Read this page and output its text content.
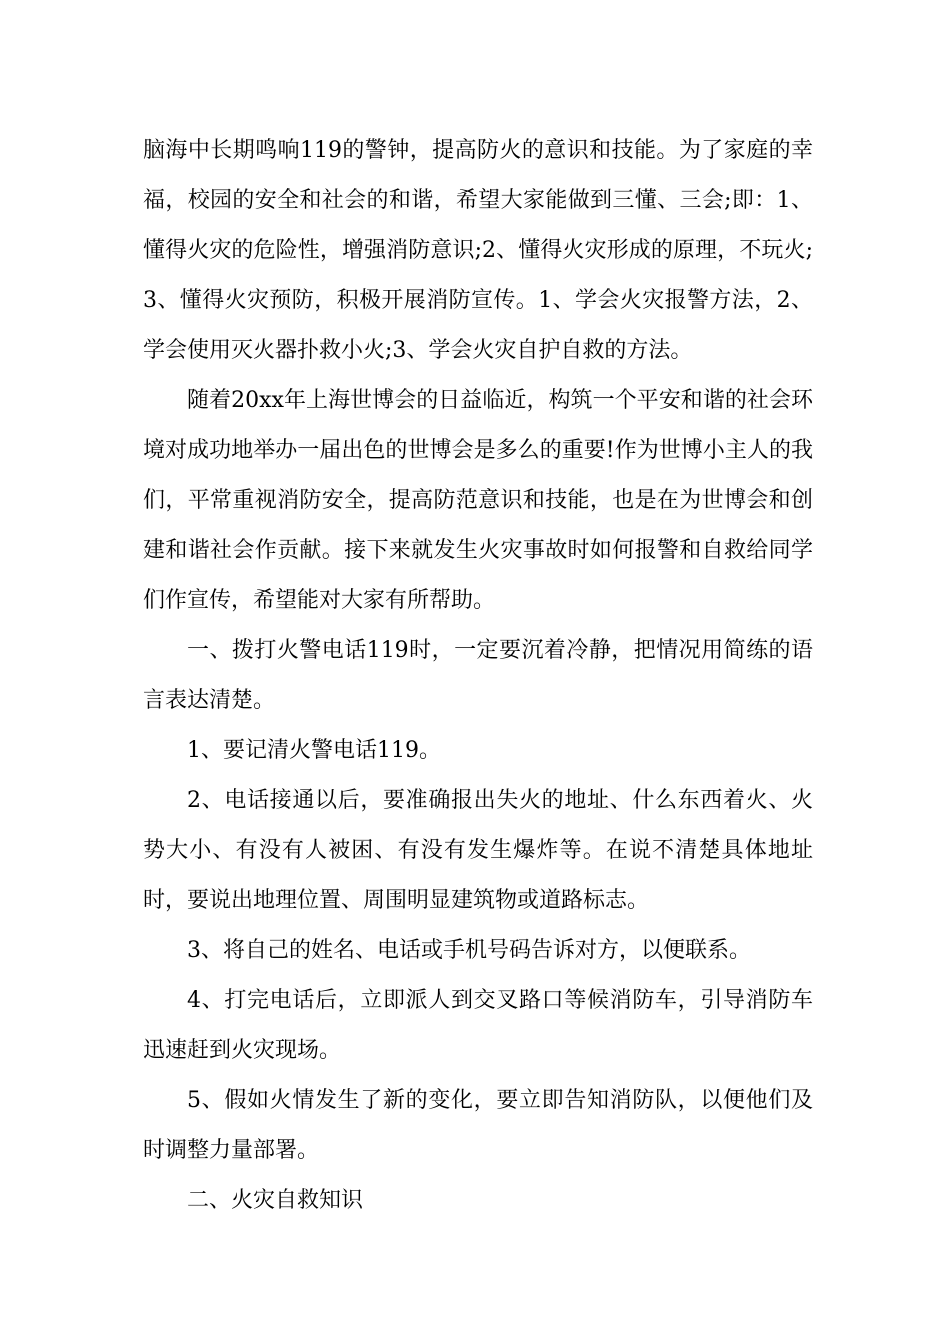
脑海中长期鸣响119的警钟，提高防火的意识和技能。为了家庭的幸福，校园的安全和社会的和谐，希望大家能做到三懂、三会;即：1、懂得火灾的危险性，增强消防意识;2、懂得火灾形成的原理，不玩火;3、懂得火灾预防，积极开展消防宣传。1、学会火灾报警方法，2、学会使用灭火器扑救小火;3、学会火灾自护自救的方法。

随着20xx年上海世博会的日益临近，构筑一个平安和谐的社会环境对成功地举办一届出色的世博会是多么的重要!作为世博小主人的我们，平常重视消防安全，提高防范意识和技能，也是在为世博会和创建和谐社会作贡献。接下来就发生火灾事故时如何报警和自救给同学们作宣传，希望能对大家有所帮助。

一、拨打火警电话119时，一定要沉着冷静，把情况用简练的语言表达清楚。

1、要记清火警电话119。

2、电话接通以后，要准确报出失火的地址、什么东西着火、火势大小、有没有人被困、有没有发生爆炸等。在说不清楚具体地址时，要说出地理位置、周围明显建筑物或道路标志。

3、将自己的姓名、电话或手机号码告诉对方，以便联系。

4、打完电话后，立即派人到交叉路口等候消防车，引导消防车迅速赶到火灾现场。

5、假如火情发生了新的变化，要立即告知消防队，以便他们及时调整力量部署。

二、火灾自救知识
